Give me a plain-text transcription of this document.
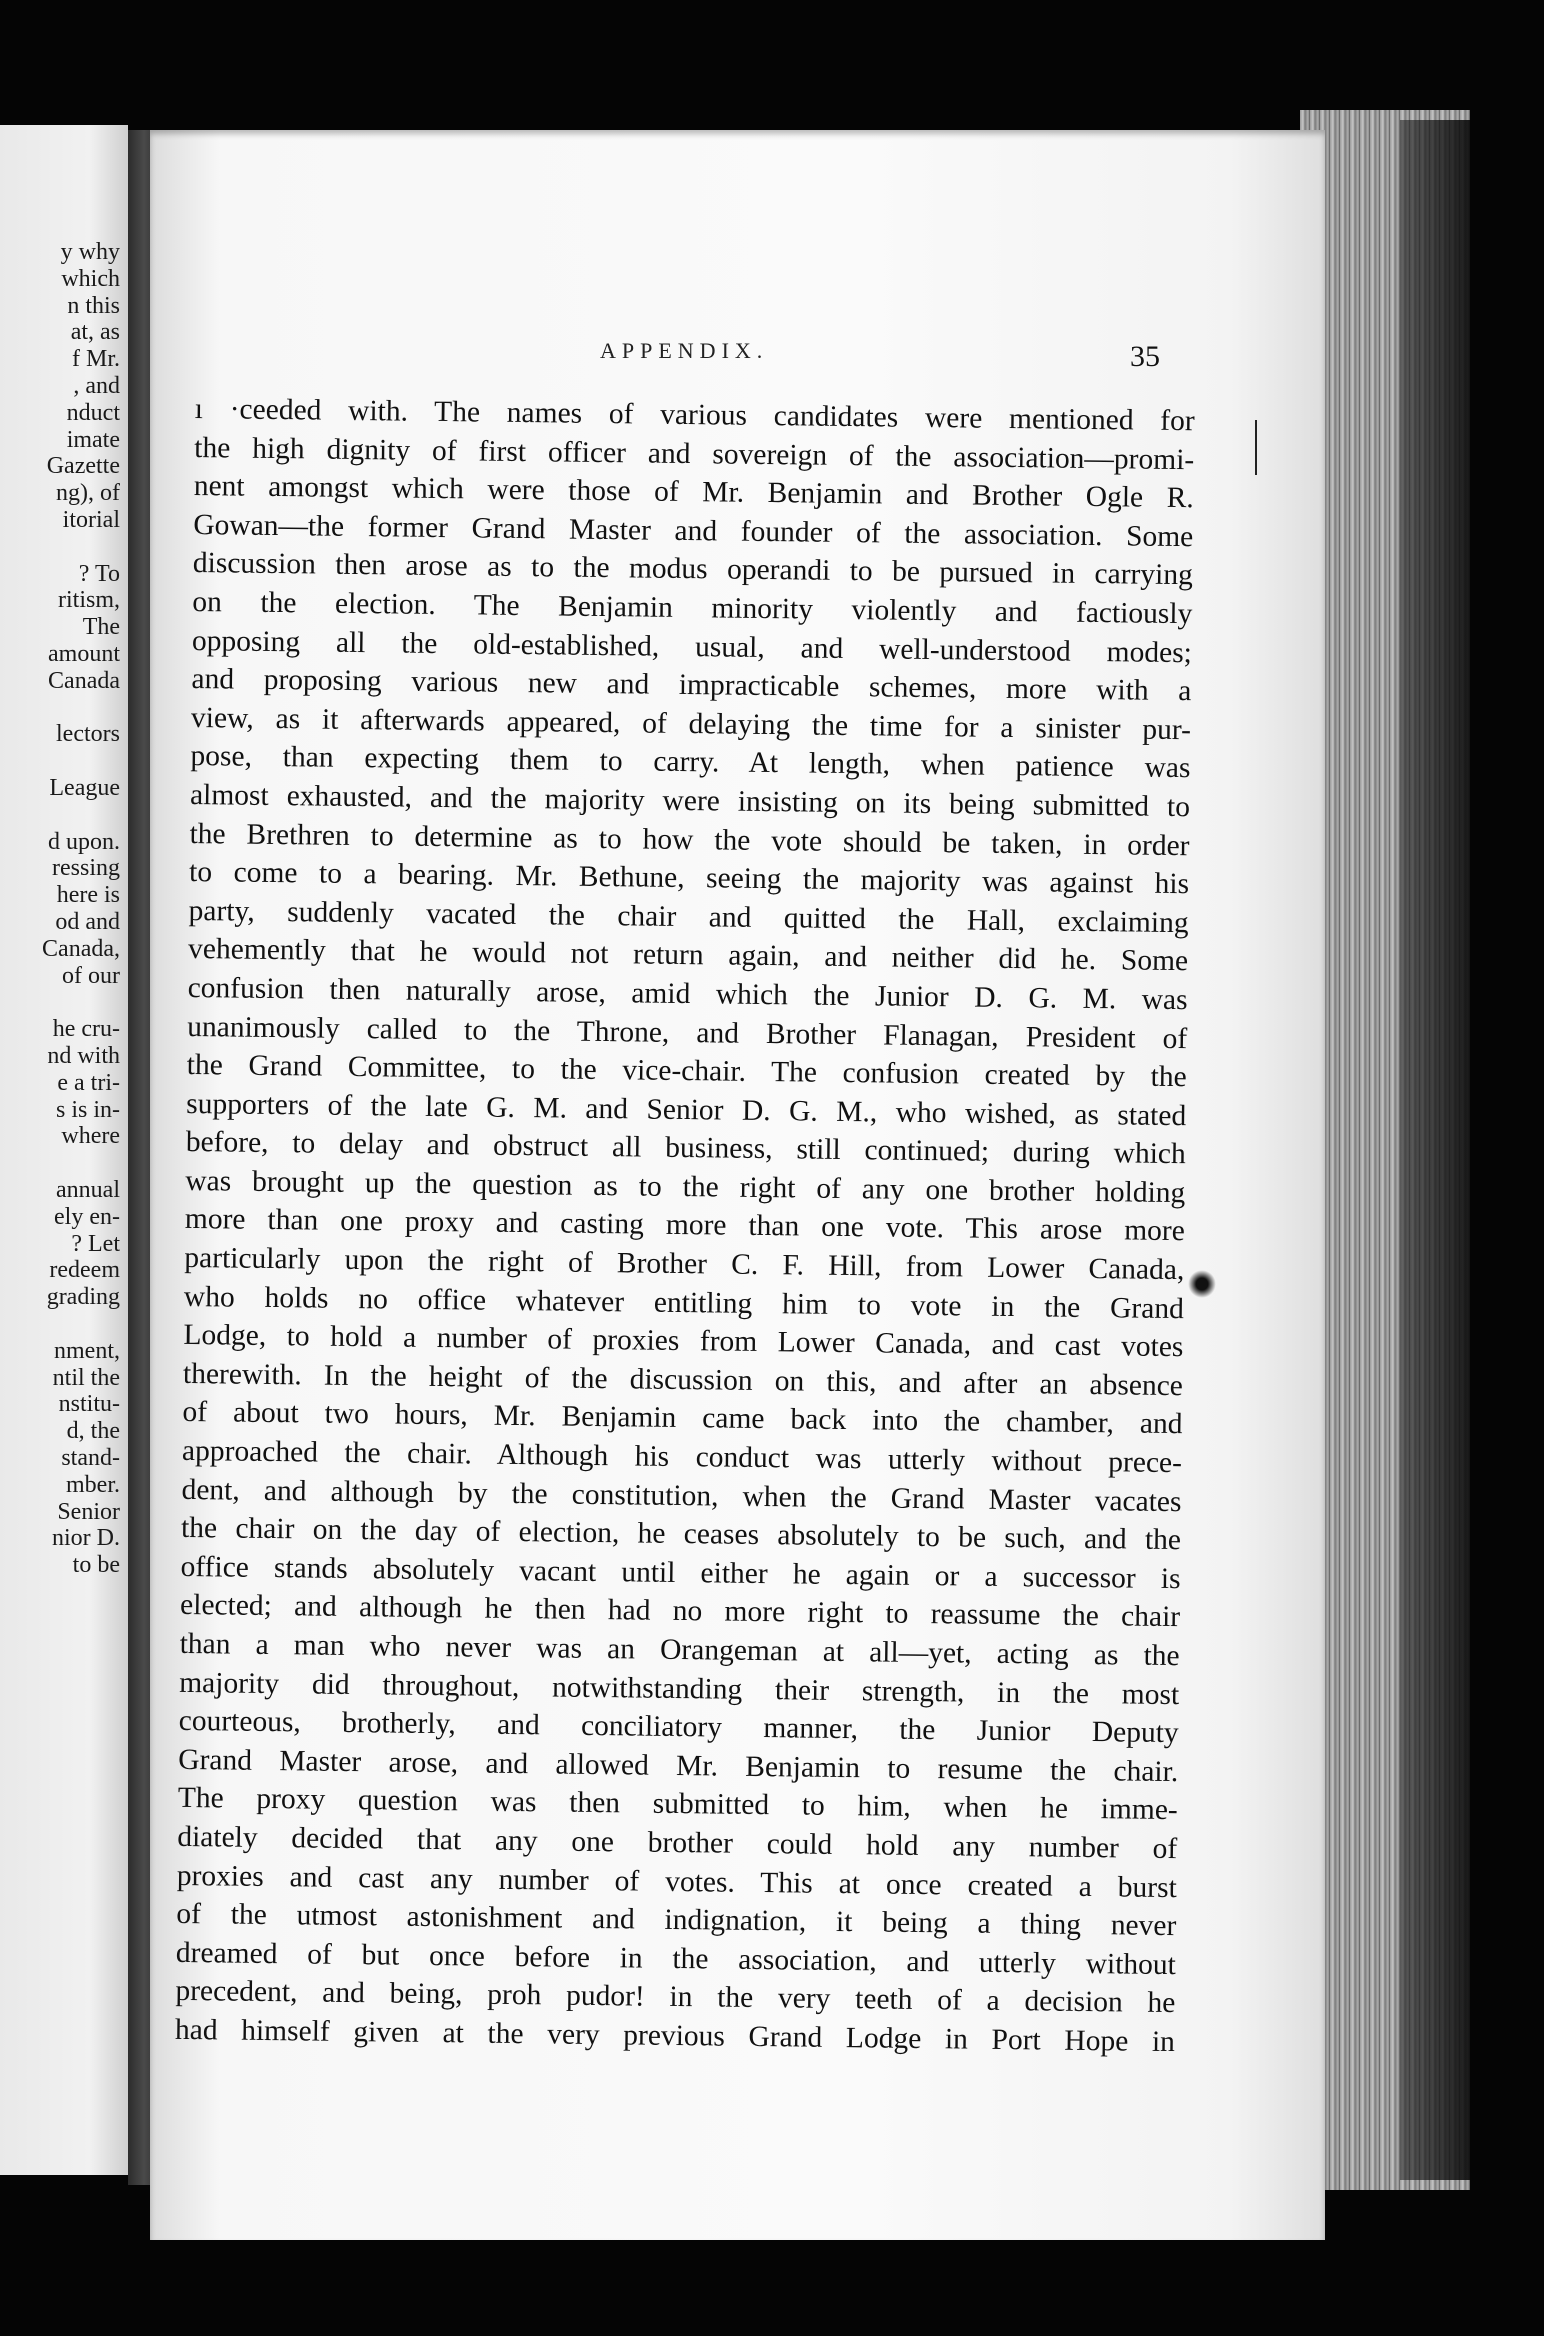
y why
which
n this
at, as
f Mr.
, and
nduct
imate
Gazette
ng), of
itorial
? To
ritism,
The
amount
Canada
lectors
League
d upon.
ressing
here is
od and
Canada,
of our
he cru-
nd with
e a tri-
s is in-
where
annual
ely en-
? Let
redeem
grading
nment,
ntil the
nstitu-
d, the
stand-
mber.
Senior
nior D.
to be
APPENDIX.	35
ı ·ceeded with. The names of various candidates were mentioned for
the high dignity of first officer and sovereign of the association—promi-
nent amongst which were those of Mr. Benjamin and Brother Ogle R.
Gowan—the former Grand Master and founder of the association. Some
discussion then arose as to the modus operandi to be pursued in carrying
on the election. The Benjamin minority violently and factiously
opposing all the old-established, usual, and well-understood modes;
and proposing various new and impracticable schemes, more with a
view, as it afterwards appeared, of delaying the time for a sinister pur-
pose, than expecting them to carry. At length, when patience was
almost exhausted, and the majority were insisting on its being submitted to
the Brethren to determine as to how the vote should be taken, in order
to come to a bearing. Mr. Bethune, seeing the majority was against his
party, suddenly vacated the chair and quitted the Hall, exclaiming
vehemently that he would not return again, and neither did he. Some
confusion then naturally arose, amid which the Junior D. G. M. was
unanimously called to the Throne, and Brother Flanagan, President of
the Grand Committee, to the vice-chair. The confusion created by the
supporters of the late G. M. and Senior D. G. M., who wished, as stated
before, to delay and obstruct all business, still continued; during which
was brought up the question as to the right of any one brother holding
more than one proxy and casting more than one vote. This arose more
particularly upon the right of Brother C. F. Hill, from Lower Canada,
who holds no office whatever entitling him to vote in the Grand
Lodge, to hold a number of proxies from Lower Canada, and cast votes
therewith. In the height of the discussion on this, and after an absence
of about two hours, Mr. Benjamin came back into the chamber, and
approached the chair. Although his conduct was utterly without prece-
dent, and although by the constitution, when the Grand Master vacates
the chair on the day of election, he ceases absolutely to be such, and the
office stands absolutely vacant until either he again or a successor is
elected; and although he then had no more right to reassume the chair
than a man who never was an Orangeman at all—yet, acting as the
majority did throughout, notwithstanding their strength, in the most
courteous, brotherly, and conciliatory manner, the Junior Deputy
Grand Master arose, and allowed Mr. Benjamin to resume the chair.
The proxy question was then submitted to him, when he imme-
diately decided that any one brother could hold any number of
proxies and cast any number of votes. This at once created a burst
of the utmost astonishment and indignation, it being a thing never
dreamed of but once before in the association, and utterly without
precedent, and being, proh pudor! in the very teeth of a decision he
had himself given at the very previous Grand Lodge in Port Hope in
